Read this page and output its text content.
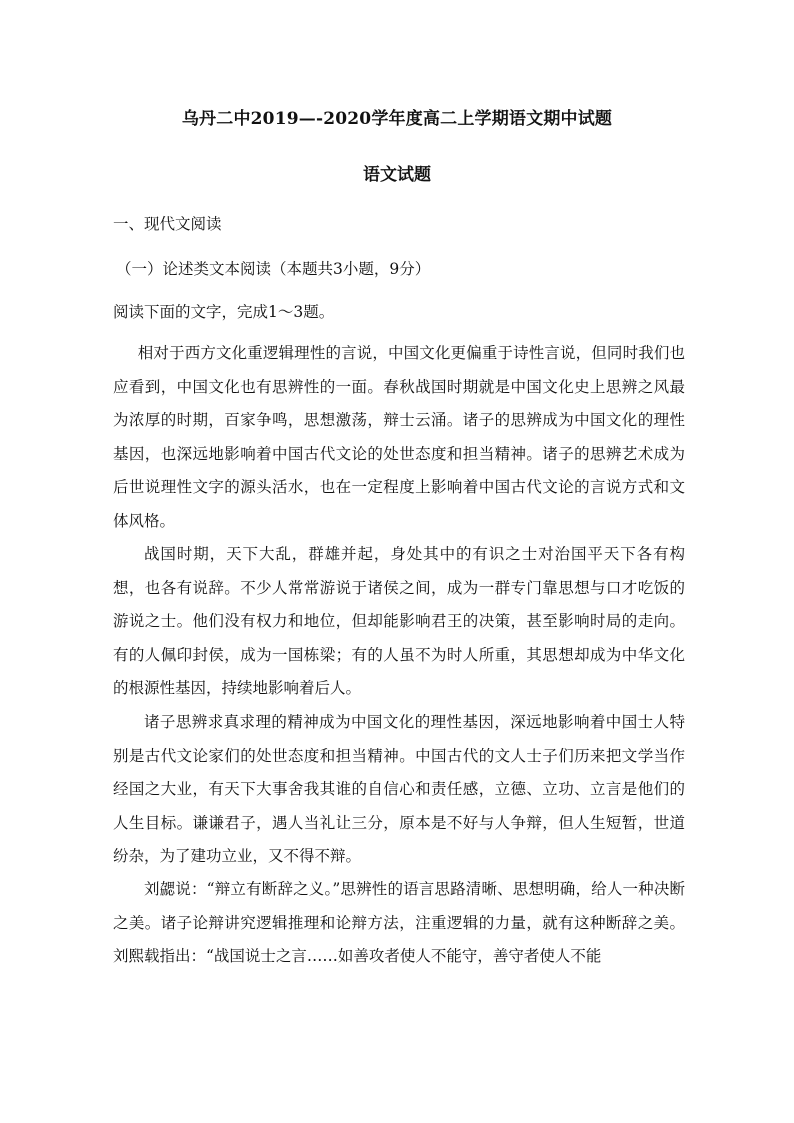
乌丹二中2019—-2020学年度高二上学期语文期中试题
语文试题
一、现代文阅读
（一）论述类文本阅读（本题共3小题，9分）
阅读下面的文字，完成1～3题。

相对于西方文化重逻辑理性的言说，中国文化更偏重于诗性言说，但同时我们也应看到，中国文化也有思辨性的一面。春秋战国时期就是中国文化史上思辨之风最为浓厚的时期，百家争鸣，思想激荡，辩士云涌。诸子的思辨成为中国文化的理性基因，也深远地影响着中国古代文论的处世态度和担当精神。诸子的思辨艺术成为后世说理性文字的源头活水，也在一定程度上影响着中国古代文论的言说方式和文体风格。

战国时期，天下大乱，群雄并起，身处其中的有识之士对治国平天下各有构想，也各有说辞。不少人常常游说于诸侯之间，成为一群专门靠思想与口才吃饭的游说之士。他们没有权力和地位，但却能影响君王的决策，甚至影响时局的走向。有的人佩印封侯，成为一国栋梁；有的人虽不为时人所重，其思想却成为中华文化的根源性基因，持续地影响着后人。

诸子思辨求真求理的精神成为中国文化的理性基因，深远地影响着中国士人特别是古代文论家们的处世态度和担当精神。中国古代的文人士子们历来把文学当作经国之大业，有天下大事舍我其谁的自信心和责任感，立德、立功、立言是他们的人生目标。谦谦君子，遇人当礼让三分，原本是不好与人争辩，但人生短暂，世道纷杂，为了建功立业，又不得不辩。

刘勰说：“辩立有断辞之义。”思辨性的语言思路清晰、思想明确，给人一种决断之美。诸子论辩讲究逻辑推理和论辩方法，注重逻辑的力量，就有这种断辞之美。刘熙载指出：“战国说士之言……如善攻者使人不能守，善守者使人不能
